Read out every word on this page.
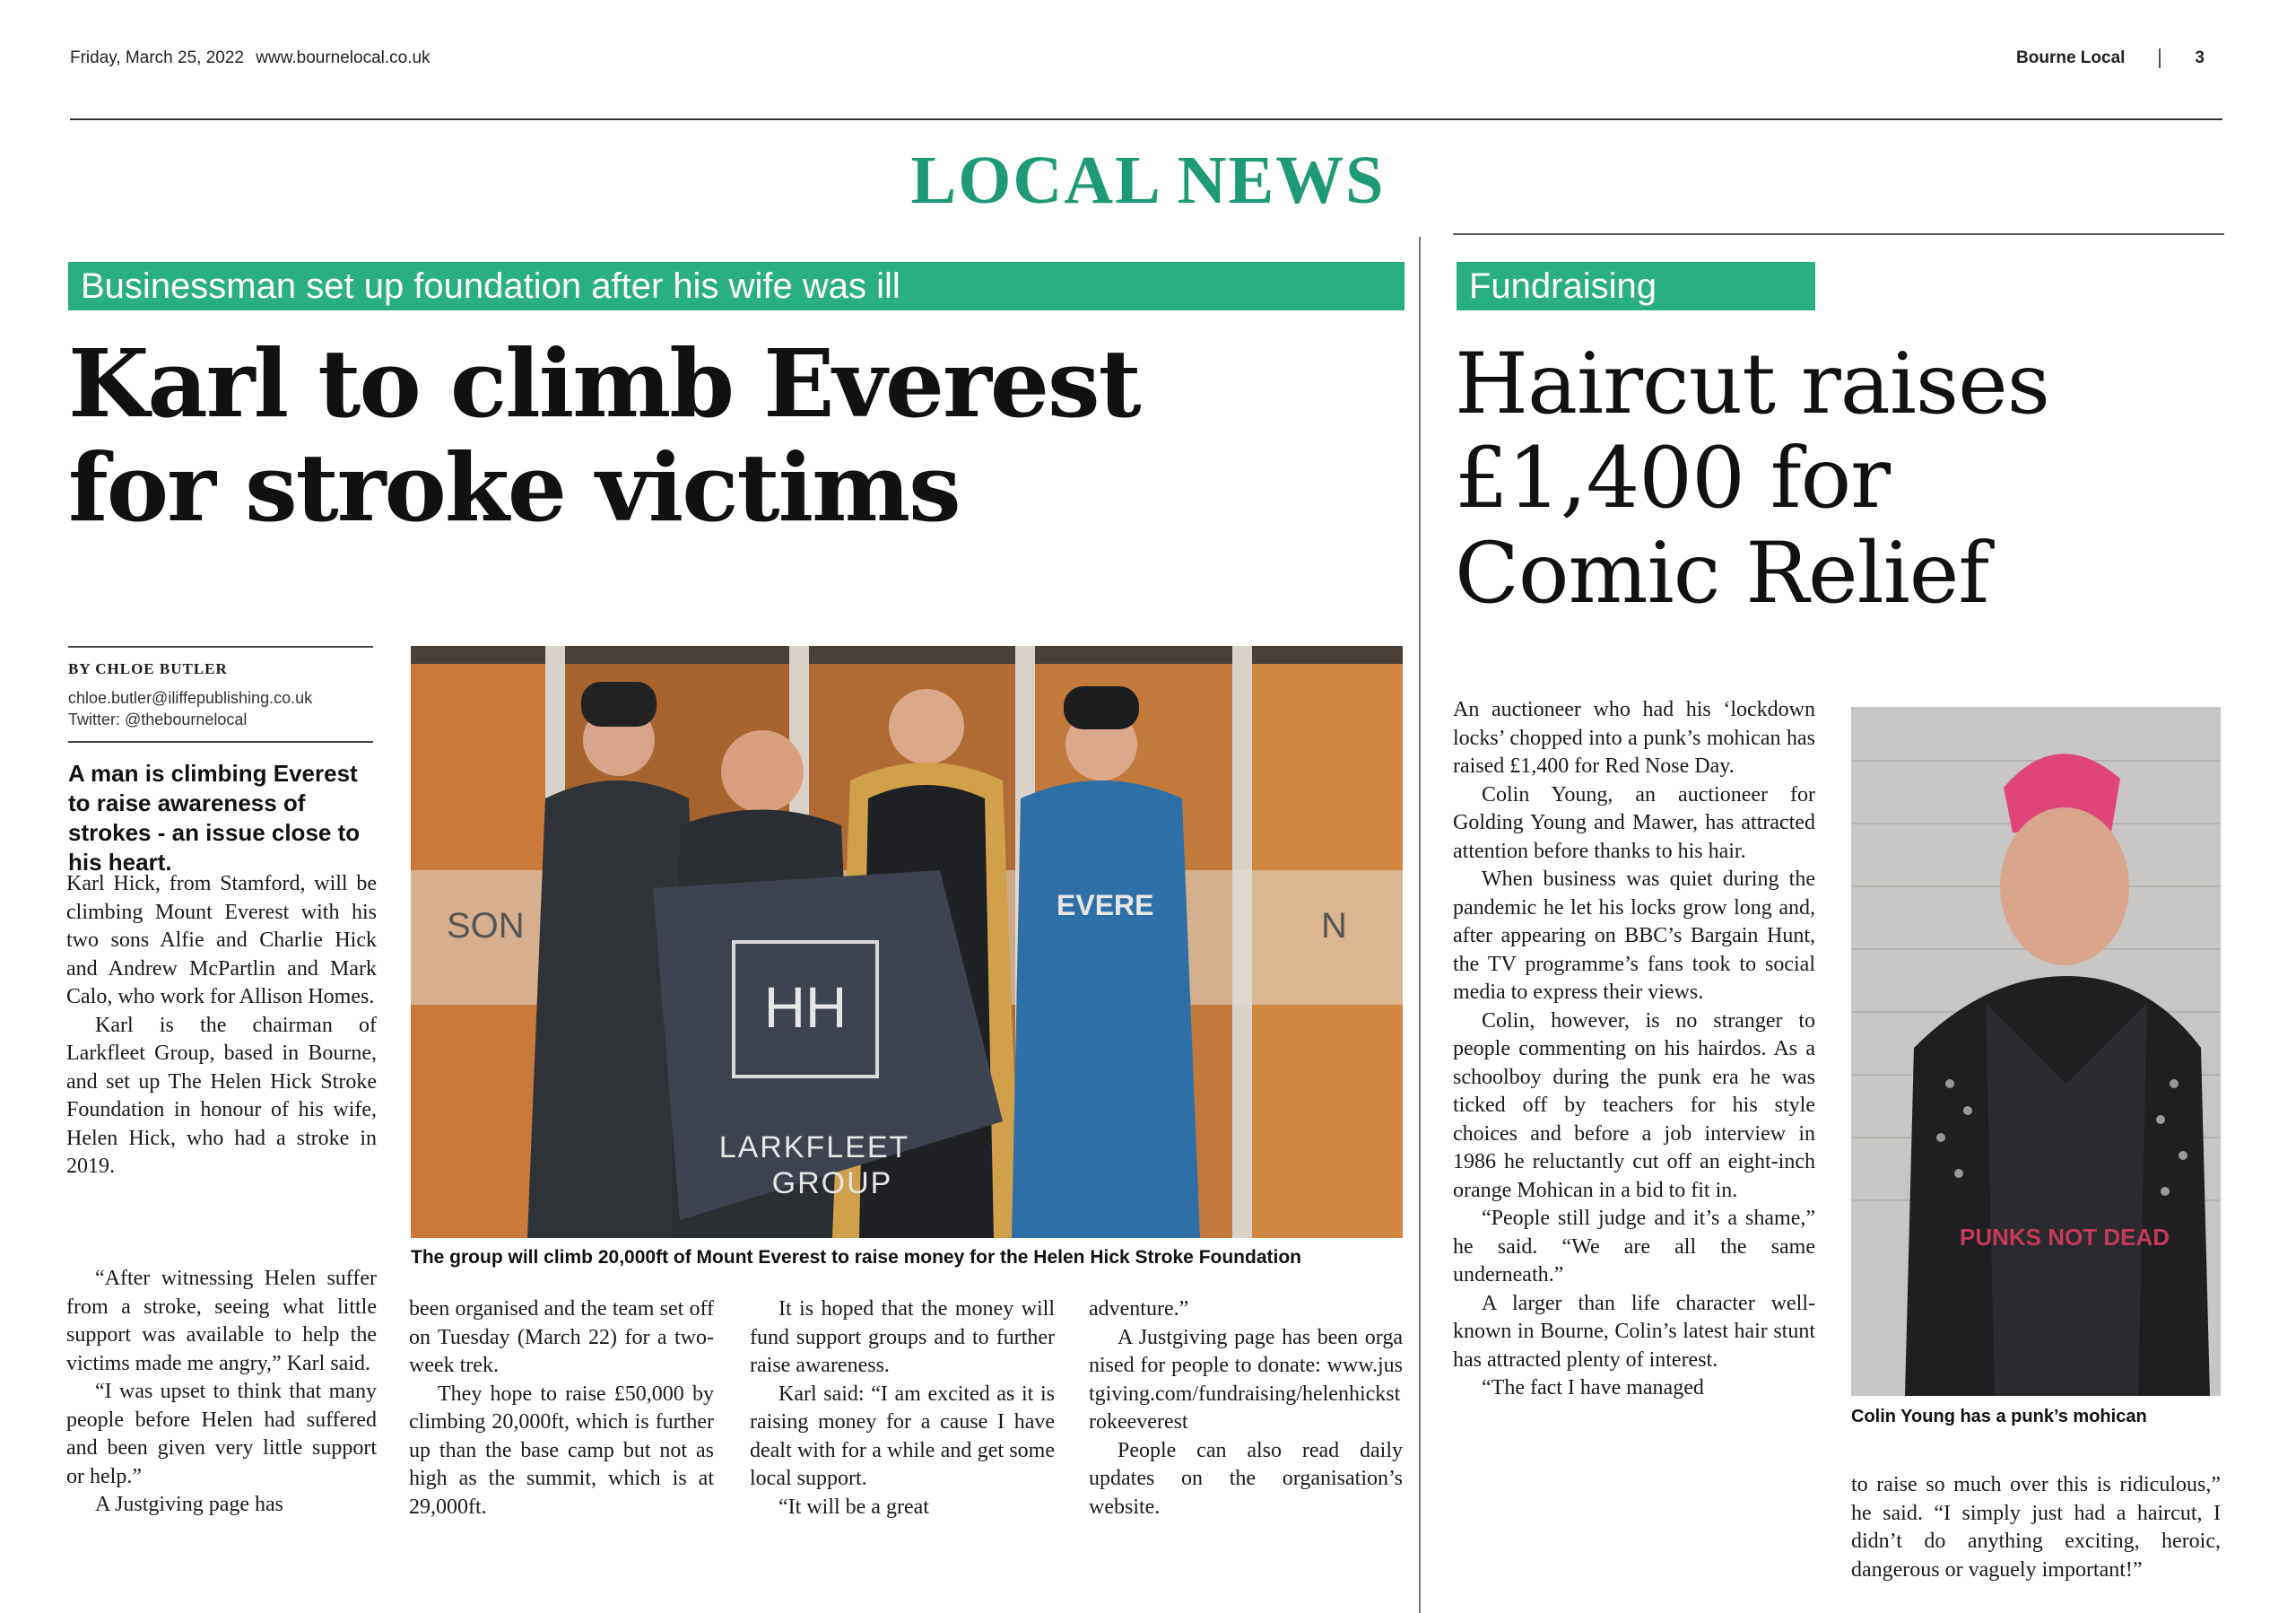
Friday, March 25, 2022 www.bournelocal.co.uk	Bourne Local	3
LOCAL NEWS
Businessman set up foundation after his wife was ill
Karl to climb Everest
for stroke victims
BY CHLOE BUTLER
chloe.butler@iliffepublishing.co.uk
Twitter: @thebournelocal
A man is climbing Everest to raise awareness of strokes - an issue close to his heart.

Karl Hick, from Stamford, will be climbing Mount Everest with his two sons Alfie and Charlie Hick and Andrew McPartlin and Mark Calo, who work for Allison Homes.

Karl is the chairman of Larkfleet Group, based in Bourne, and set up The Helen Hick Stroke Foundation in honour of his wife, Helen Hick, who had a stroke in 2019.

“After witnessing Helen suffer from a stroke, seeing what little support was available to help the victims made me angry,” Karl said.

“I was upset to think that many people before Helen had suffered and been given very little support or help.”

A Justgiving page has

been organised and the team set off on Tuesday (March 22) for a two-week trek.

They hope to raise £50,000 by climbing 20,000ft, which is further up than the base camp but not as high as the summit, which is at 29,000ft.

It is hoped that the money will fund support groups and to further raise awareness.

Karl said: “I am excited as it is raising money for a cause I have dealt with for a while and get some local support.

“It will be a great

adventure.”

A Justgiving page has been organised for people to donate: www.justgiving.com/fundraising/helenhickstrokeeverest

People can also read daily updates on the organisation’s website.

SON	N
HH
LARKFLEET
GROUP
EVERE
The group will climb 20,000ft of Mount Everest to raise money for the Helen Hick Stroke Foundation
Fundraising
Haircut raises
£1,400 for
Comic Relief

An auctioneer who had his ‘lockdown locks’ chopped into a punk’s mohican has raised £1,400 for Red Nose Day.

Colin Young, an auctioneer for Golding Young and Mawer, has attracted attention before thanks to his hair.

When business was quiet during the pandemic he let his locks grow long and, after appearing on BBC’s Bargain Hunt, the TV programme’s fans took to social media to express their views.

Colin, however, is no stranger to people commenting on his hairdos. As a schoolboy during the punk era he was ticked off by teachers for his style choices and before a job interview in 1986 he reluctantly cut off an eight-inch orange Mohican in a bid to fit in.

“People still judge and it’s a shame,” he said. “We are all the same underneath.”

A larger than life character well-known in Bourne, Colin’s latest hair stunt has attracted plenty of interest.

“The fact I have managed

PUNKS NOT DEAD
Colin Young has a punk’s mohican

to raise so much over this is ridiculous,” he said. “I simply just had a haircut, I didn’t do anything exciting, heroic, dangerous or vaguely important!”
